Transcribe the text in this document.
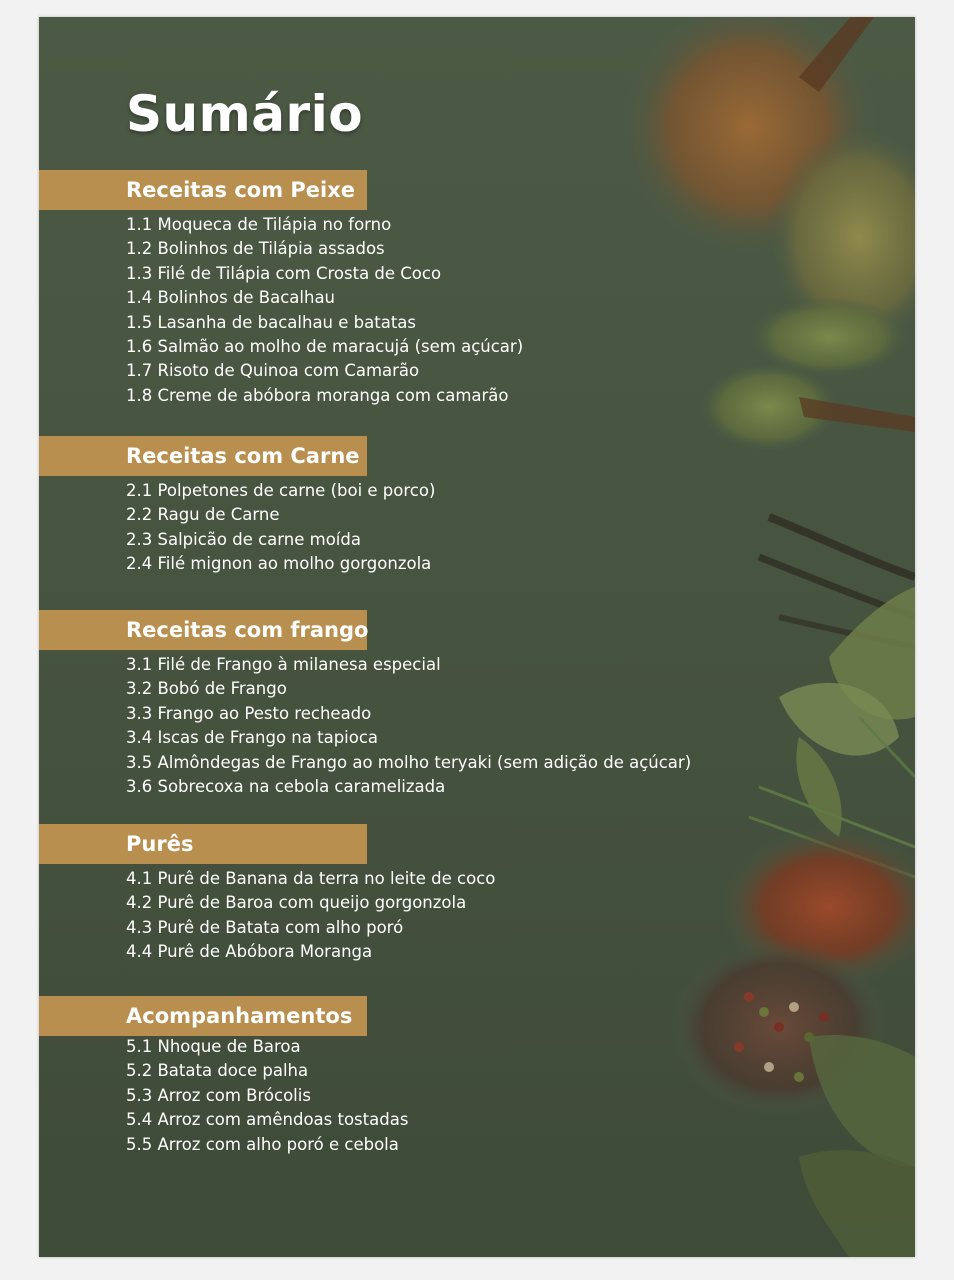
Sumário
Receitas com Peixe
1.1 Moqueca de Tilápia no forno
1.2 Bolinhos de Tilápia assados
1.3 Filé de Tilápia com Crosta de Coco
1.4 Bolinhos de Bacalhau
1.5 Lasanha de bacalhau e batatas
1.6 Salmão ao molho de maracujá (sem açúcar)
1.7 Risoto de Quinoa com Camarão
1.8 Creme de abóbora moranga com camarão
Receitas com Carne
2.1 Polpetones de carne (boi e porco)
2.2 Ragu de Carne
2.3 Salpicão de carne moída
2.4 Filé mignon ao molho gorgonzola
Receitas com frango
3.1 Filé de Frango à milanesa especial
3.2 Bobó de Frango
3.3 Frango ao Pesto recheado
3.4 Iscas de Frango na tapioca
3.5 Almôndegas de Frango ao molho teryaki (sem adição de açúcar)
3.6 Sobrecoxa na cebola caramelizada
Purês
4.1 Purê de Banana da terra no leite de coco
4.2 Purê de Baroa com queijo gorgonzola
4.3 Purê de Batata com alho poró
4.4 Purê de Abóbora Moranga
Acompanhamentos
5.1 Nhoque de Baroa
5.2 Batata doce palha
5.3 Arroz com Brócolis
5.4 Arroz com amêndoas tostadas
5.5 Arroz com alho poró e cebola
